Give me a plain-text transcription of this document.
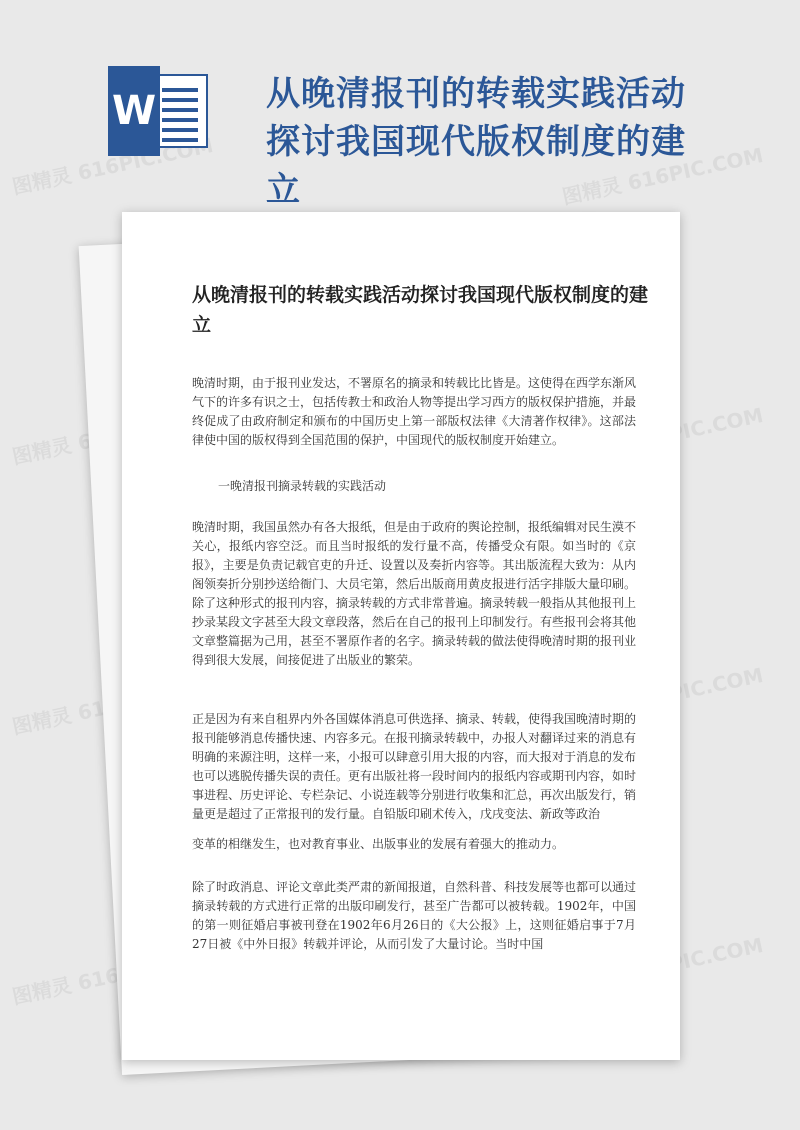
图精灵 616PIC.COM	图精灵 616PIC.COM
图精灵	616PIC.COM
图精灵
616PIC.COM
图精灵 616PIC.COM	616PIC.COM
W	从晚清报刊的转载实践活动探讨我国现代版权制度的建立
从晚清报刊的转载实践活动探讨我国现代版权制度的建立

晚清时期，由于报刊业发达，不署原名的摘录和转载比比皆是。这使得在西学东渐风气下的许多有识之士，包括传教士和政治人物等提出学习西方的版权保护措施，并最终促成了由政府制定和颁布的中国历史上第一部版权法律《大清著作权律》。这部法律使中国的版权得到全国范围的保护，中国现代的版权制度开始建立。

一晚清报刊摘录转载的实践活动

晚清时期，我国虽然办有各大报纸，但是由于政府的舆论控制，报纸编辑对民生漠不关心，报纸内容空泛。而且当时报纸的发行量不高，传播受众有限。如当时的《京报》，主要是负责记载官吏的升迁、设置以及奏折内容等。其出版流程大致为：从内阁领奏折分别抄送给衙门、大员宅第，然后出版商用黄皮报进行活字排版大量印刷。除了这种形式的报刊内容，摘录转载的方式非常普遍。摘录转载一般指从其他报刊上抄录某段文字甚至大段文章段落，然后在自己的报刊上印制发行。有些报刊会将其他文章整篇据为己用，甚至不署原作者的名字。摘录转载的做法使得晚清时期的报刊业得到很大发展，间接促进了出版业的繁荣。

正是因为有来自租界内外各国媒体消息可供选择、摘录、转载，使得我国晚清时期的报刊能够消息传播快速、内容多元。在报刊摘录转载中，办报人对翻译过来的消息有明确的来源注明，这样一来，小报可以肆意引用大报的内容，而大报对于消息的发布也可以逃脱传播失误的责任。更有出版社将一段时间内的报纸内容或期刊内容，如时事进程、历史评论、专栏杂记、小说连载等分别进行收集和汇总，再次出版发行，销量更是超过了正常报刊的发行量。自铅版印刷术传入，戊戌变法、新政等政治

变革的相继发生，也对教育事业、出版事业的发展有着强大的推动力。

除了时政消息、评论文章此类严肃的新闻报道，自然科普、科技发展等也都可以通过摘录转载的方式进行正常的出版印刷发行，甚至广告都可以被转载。1902年，中国的第一则征婚启事被刊登在1902年6月26日的《大公报》上，这则征婚启事于7月27日被《中外日报》转载并评论，从而引发了大量讨论。当时中国
